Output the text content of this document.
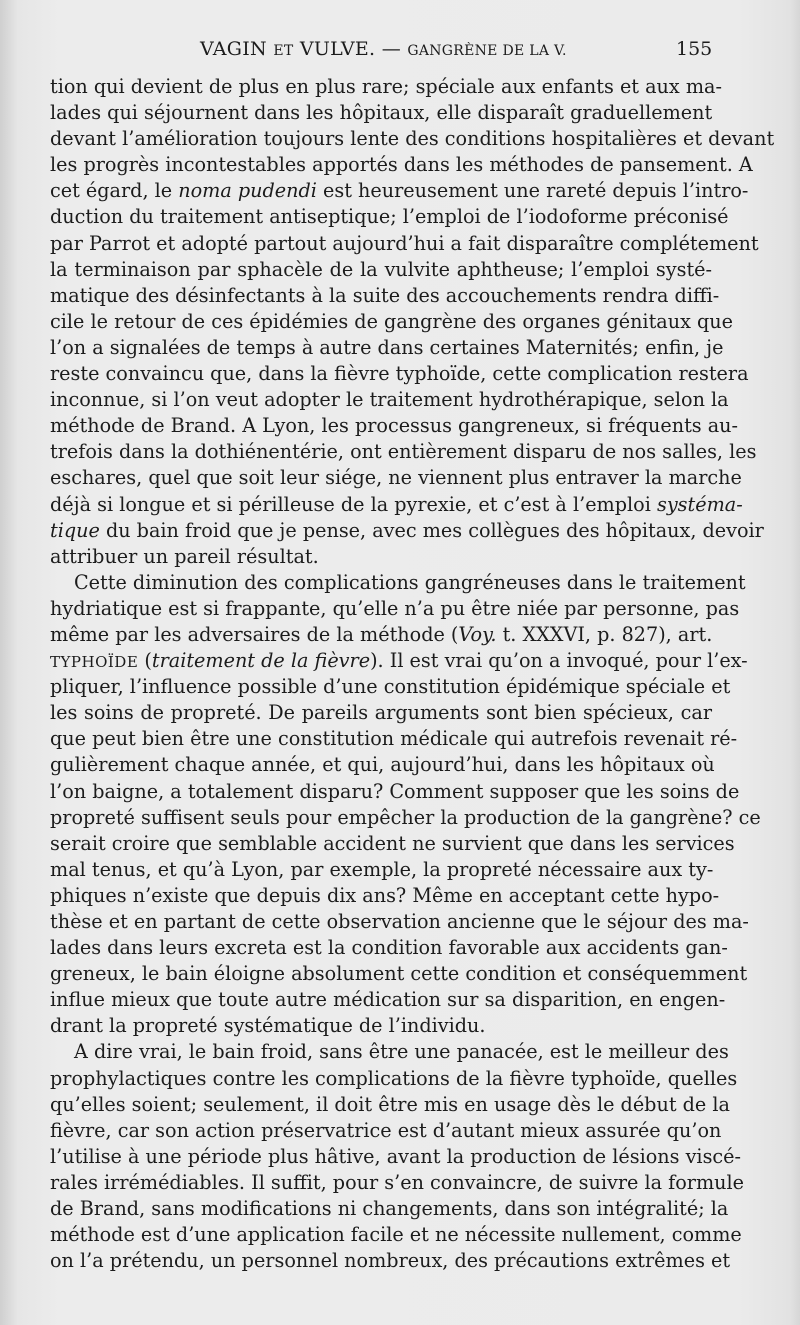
VAGIN ET VULVE. — GANGRÈNE DE LA V.	155
tion qui devient de plus en plus rare; spéciale aux enfants et aux ma-
lades qui séjournent dans les hôpitaux, elle disparaît graduellement
devant l’amélioration toujours lente des conditions hospitalières et devant
les progrès incontestables apportés dans les méthodes de pansement. A
cet égard, le noma pudendi est heureusement une rareté depuis l’intro-
duction du traitement antiseptique; l’emploi de l’iodoforme préconisé
par Parrot et adopté partout aujourd’hui a fait disparaître complétement
la terminaison par sphacèle de la vulvite aphtheuse; l’emploi systé-
matique des désinfectants à la suite des accouchements rendra diffi-
cile le retour de ces épidémies de gangrène des organes génitaux que
l’on a signalées de temps à autre dans certaines Maternités; enfin, je
reste convaincu que, dans la fièvre typhoïde, cette complication restera
inconnue, si l’on veut adopter le traitement hydrothérapique, selon la
méthode de Brand. A Lyon, les processus gangreneux, si fréquents au-
trefois dans la dothiénentérie, ont entièrement disparu de nos salles, les
eschares, quel que soit leur siége, ne viennent plus entraver la marche
déjà si longue et si périlleuse de la pyrexie, et c’est à l’emploi systéma-
tique du bain froid que je pense, avec mes collègues des hôpitaux, devoir
attribuer un pareil résultat.
Cette diminution des complications gangréneuses dans le traitement
hydriatique est si frappante, qu’elle n’a pu être niée par personne, pas
même par les adversaires de la méthode (Voy. t. XXXVI, p. 827), art.
TYPHOÏDE (traitement de la fièvre). Il est vrai qu’on a invoqué, pour l’ex-
pliquer, l’influence possible d’une constitution épidémique spéciale et
les soins de propreté. De pareils arguments sont bien spécieux, car
que peut bien être une constitution médicale qui autrefois revenait ré-
gulièrement chaque année, et qui, aujourd’hui, dans les hôpitaux où
l’on baigne, a totalement disparu? Comment supposer que les soins de
propreté suffisent seuls pour empêcher la production de la gangrène? ce
serait croire que semblable accident ne survient que dans les services
mal tenus, et qu’à Lyon, par exemple, la propreté nécessaire aux ty-
phiques n’existe que depuis dix ans? Même en acceptant cette hypo-
thèse et en partant de cette observation ancienne que le séjour des ma-
lades dans leurs excreta est la condition favorable aux accidents gan-
greneux, le bain éloigne absolument cette condition et conséquemment
influe mieux que toute autre médication sur sa disparition, en engen-
drant la propreté systématique de l’individu.
A dire vrai, le bain froid, sans être une panacée, est le meilleur des
prophylactiques contre les complications de la fièvre typhoïde, quelles
qu’elles soient; seulement, il doit être mis en usage dès le début de la
fièvre, car son action préservatrice est d’autant mieux assurée qu’on
l’utilise à une période plus hâtive, avant la production de lésions viscé-
rales irrémédiables. Il suffit, pour s’en convaincre, de suivre la formule
de Brand, sans modifications ni changements, dans son intégralité; la
méthode est d’une application facile et ne nécessite nullement, comme
on l’a prétendu, un personnel nombreux, des précautions extrêmes et
